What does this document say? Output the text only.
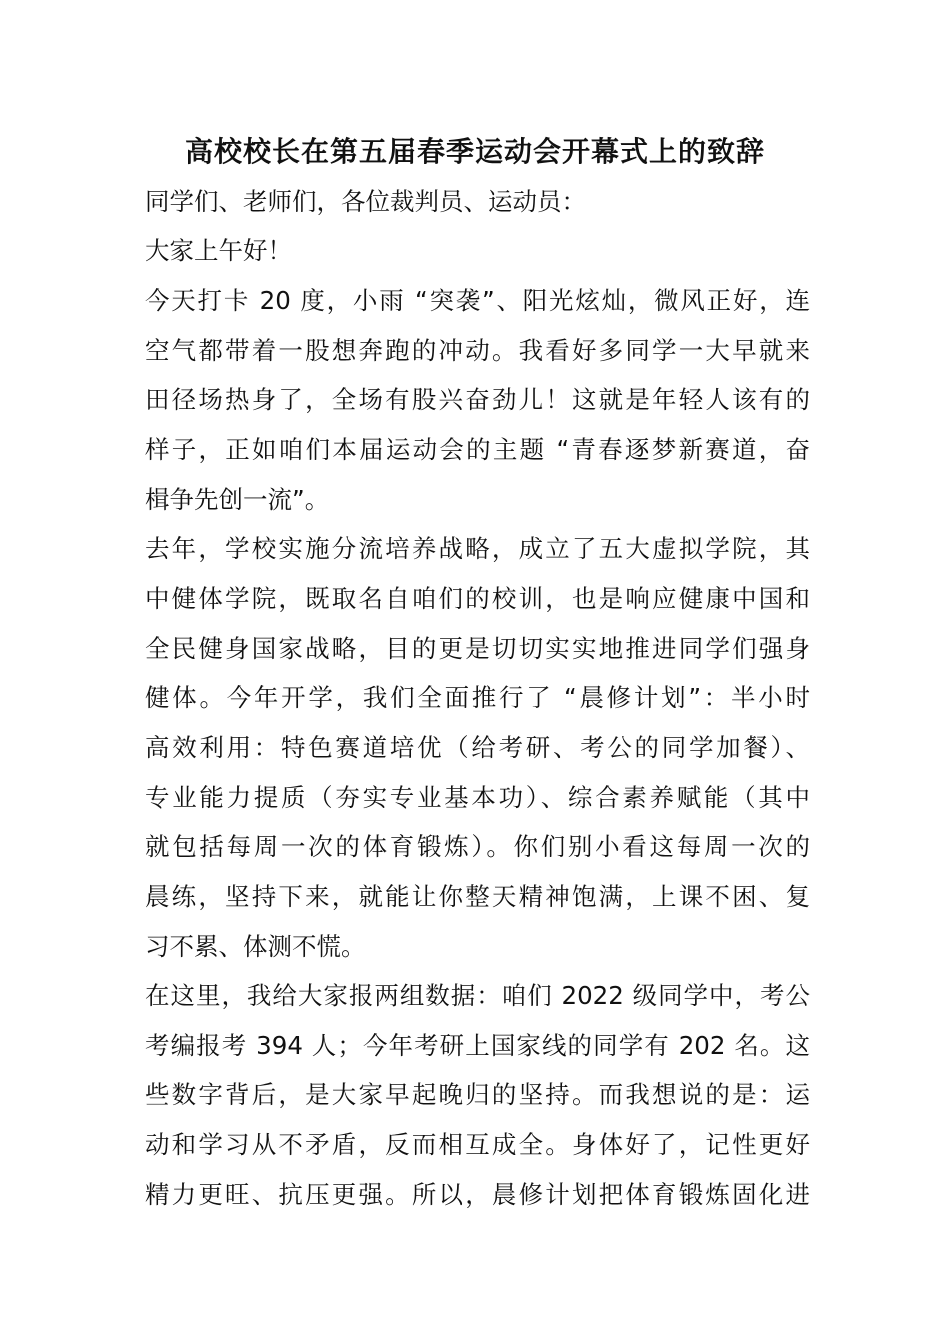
高校校长在第五届春季运动会开幕式上的致辞
同学们、老师们，各位裁判员、运动员：
大家上午好！
今天打卡 20 度，小雨 “突袭”、阳光炫灿，微风正好，连
空气都带着一股想奔跑的冲动。我看好多同学一大早就来
田径场热身了，全场有股兴奋劲儿！这就是年轻人该有的
样子，正如咱们本届运动会的主题 “青春逐梦新赛道，奋
楫争先创一流”。
去年，学校实施分流培养战略，成立了五大虚拟学院，其
中健体学院，既取名自咱们的校训，也是响应健康中国和
全民健身国家战略，目的更是切切实实地推进同学们强身
健体。今年开学，我们全面推行了 “晨修计划”：半小时
高效利用：特色赛道培优（给考研、考公的同学加餐）、
专业能力提质（夯实专业基本功）、综合素养赋能（其中
就包括每周一次的体育锻炼）。你们别小看这每周一次的
晨练，坚持下来，就能让你整天精神饱满，上课不困、复
习不累、体测不慌。
在这里，我给大家报两组数据：咱们 2022 级同学中，考公
考编报考 394 人；今年考研上国家线的同学有 202 名。这
些数字背后，是大家早起晚归的坚持。而我想说的是：运
动和学习从不矛盾，反而相互成全。身体好了，记性更好
精力更旺、抗压更强。所以，晨修计划把体育锻炼固化进
